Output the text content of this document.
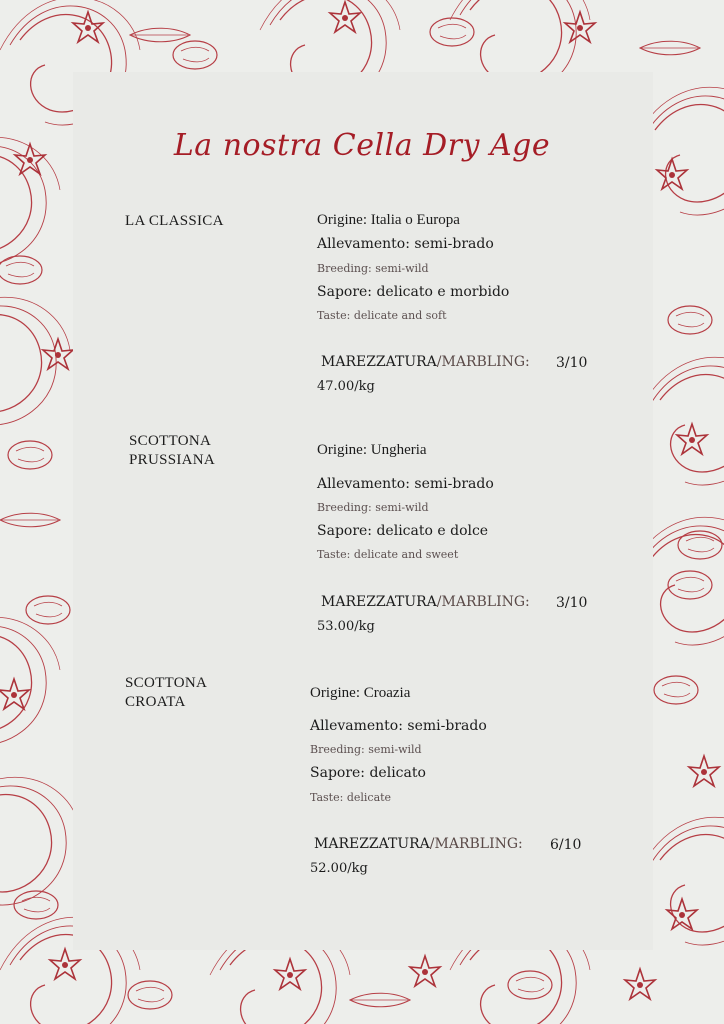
La nostra Cella Dry Age
LA CLASSICA	Origine: Italia o Europa
Allevamento: semi-brado
Breeding: semi-wild
Sapore: delicato e morbido
Taste: delicate and soft
MAREZZATURA/MARBLING: 3/10
47.00/kg
SCOTTONA
PRUSSIANA
Origine: Ungheria
Allevamento: semi-brado
Breeding: semi-wild
Sapore: delicato e dolce
Taste: delicate and sweet
MAREZZATURA/MARBLING: 3/10
53.00/kg
SCOTTONA
CROATA
Origine: Croazia
Allevamento: semi-brado
Breeding: semi-wild
Sapore: delicato
Taste: delicate
MAREZZATURA/MARBLING: 6/10
52.00/kg
